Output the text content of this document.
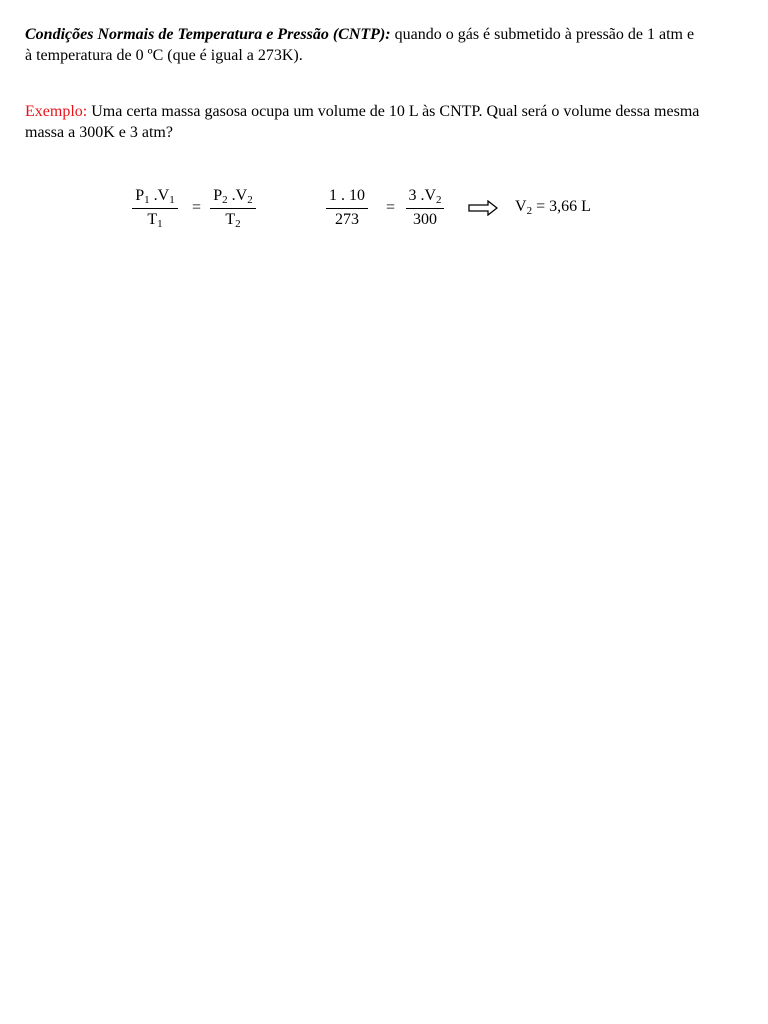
Condições Normais de Temperatura e Pressão (CNTP): quando o gás é submetido à pressão de 1 atm e à temperatura de 0 ºC (que é igual a 273K).

Exemplo: Uma certa massa gasosa ocupa um volume de 10 L às CNTP. Qual será o volume dessa mesma massa a 300K e 3 atm?

$\frac{P_1 .V_1}{T_1} = \frac{P_2 .V_2}{T_2}$	$\frac{1 . 10}{273} = \frac{3 .V_2}{300}$	$V_2 = 3,66$ L
